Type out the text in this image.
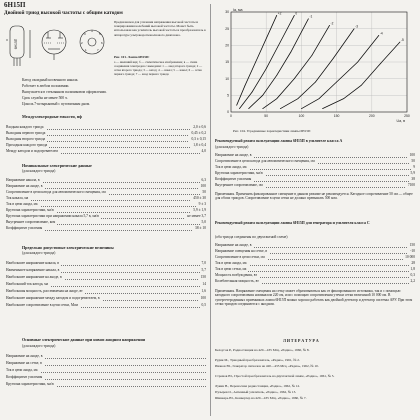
6Н15П
Двойной триод высокой частоты с общим катодом
6Н15П
1
2
3
4
5
6
7
Предназначен для усиления напряжения высокой частоты и генерирования колебаний высокой частоты. Может быть использован как усилитель высокой частоты и преобразователь в аппаратуре ультракоротковолнового диапазона.
Рис. 101. Лампа 6Н15П:
а — внешний вид; б — схематическое изображение; в — схема соединения электродов с выводами: 1 — анод второго триода; 2 — сетка второго триода; 3 — катод; 4 — накал; 5 — накал; 6 — сетка первого триода; 7 — анод первого триода
Катод оксидный косвенного накала.
Работает в любом положении.
Выпускается в стеклянном пальчиковом оформлении.
Срок службы не менее 500 ч.
Цоколь 7-штырьковый с пуговичным дном.
Междуэлектродные емкости, пф
Входная каждого триода	2,0 ± 0,6
Выходная первого триода	0,45 ± 0,2
Выходная второго триода	0,3 ± 0,15
Проходная каждого триода	1,8 ± 0,4
Между катодом и подогревателем	4,0
Номинальные электрические данные
(для каждого триода)
Напряжение накала, в	6,3
Напряжение на аноде, в	100
Сопротивление в цепи катода для автоматического смещения, ом	50
Ток накала, ма	450 ± 30
Ток в цепи анода, ма	9 ± 3
Крутизна характеристики, ма/в	5,9 ± 1,9
Крутизна характеристики при напряжении накала 5,7 в, ма/в	не менее 3,7
Внутреннее сопротивление, ком	5,0
Коэффициент усиления	38 ± 10
Предельно допустимые электрические величины
(для каждого триода)
Наибольшее напряжение накала, в	7,0
Наименьшее напряжение накала, в	5,7
Наибольшее напряжение на аноде, в	150
Наибольший ток катода, ма	14
Наибольшая мощность, рассеиваемая на аноде, вт	1,6
Наибольшее напряжение между катодом и подогревателем, в	100
Наибольшее сопротивление в цепи сетки, Мом	0,5
Основные электрические данные при новом анодном напряжении
(для каждого триода)
Напряжение на аноде, в
Напряжение на сетке, в
Ток в цепи анода, ма
Коэффициент усиления
Крутизна характеристики, ма/в
0	50	100	150	200	250
0
5
10
15
20
25
30
Uа, в
Iа, ма
+2	0
-1
-2
-3
-4
-5
Рис. 104. Усредненные характеристики лампы 6Н15П
Рекомендуемый режим эксплуатации лампы 6Н15П в усилителе класса А
(для каждого триода)
Напряжение на аноде, в	100
Сопротивление в цепи катода для автоматического смещения, ом	50
Ток в цепи анода, ма	9
Крутизна характеристики, ма/в	5,9
Коэффициент усиления	38
Внутреннее сопротивление, ом	7100
Примечания. Применять фиксированное смещение в данном режиме не рекомендуется. Катодное сопротивление 50 ом — общее для обоих триодов. Сопротивление в цепи сетки не должно превышать 500 ком.
Рекомендуемый режим эксплуатации лампы 6Н15П для генератора и усилителя класса С
(оба триода соединены по двухтактной схеме)
Напряжение на аноде, в	150
Напряжение смещения на сетке, в	-10
Сопротивление в цепи сетки, ом	10 000
Ток в цепи анода, ма	28
Ток в цепи сетки, ма	1,8
Мощность возбуждения, вт	0,3
Колебательная мощность, вт	2,2
Примечания. Напряжение смещения на сетку может образовываться как от фиксированного источника, так и с помощью катодного сопротивления номиналом 220 ом, или с помощью сопротивления утечки сетки величиной 10 000 ом. В супергетеродинных приемниках лампа 6Н15П можно хорошо работать как двойной детектор и детектор системы АРУ. При этом сетки триодов соединяются с анодами.
Л И Т Е Р А Т У Р А
Белоусов Р., Радиостанция на 420—435 Мгц, «Радио», 1960, № 8.
Рудик М., Триодный преобразователь, «Радио», 1961, № 2.
Иванов Ю., Генератор сигналов на 420—435 Мгц, «Радио», 1962, № 10.
Страмов Ю., Простой преобразователь на двухтактной лампе, «Радио», 1961, № 5.
Лукин В., Переносная радиостанция, «Радио», 1962, № 12.
Пузырев О., Антенный усилитель, «Радио», 1962, № 13.
Шинкарь Ю., Конвертер на 420—435 Мгц, «Радио», 1960, № 7.
